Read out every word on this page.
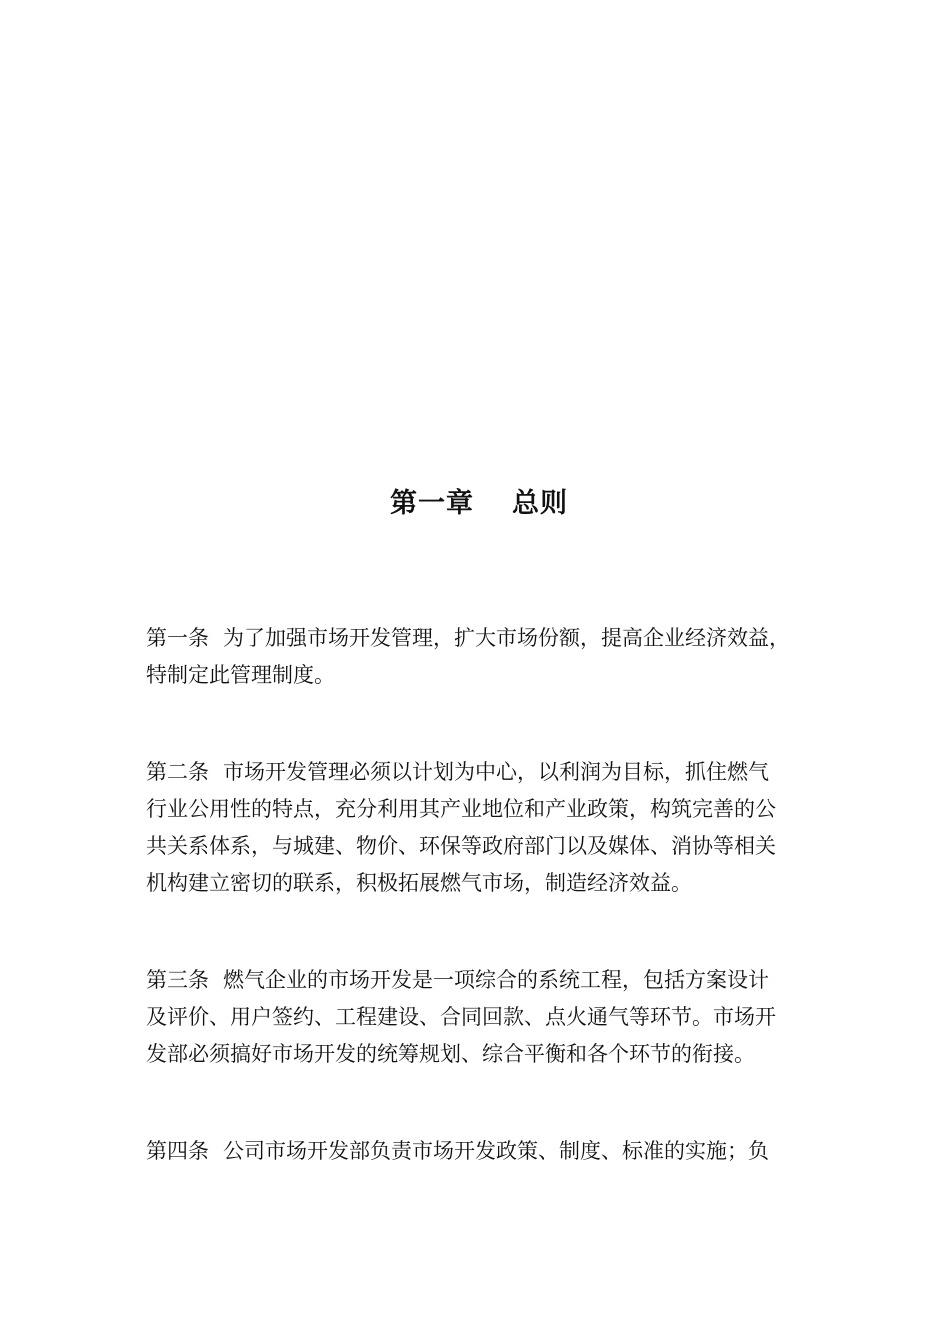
第一章 总则
第一条 为了加强市场开发管理，扩大市场份额，提高企业经济效益，
特制定此管理制度。
第二条 市场开发管理必须以计划为中心，以利润为目标，抓住燃气
行业公用性的特点，充分利用其产业地位和产业政策，构筑完善的公
共关系体系，与城建、物价、环保等政府部门以及媒体、消协等相关
机构建立密切的联系，积极拓展燃气市场，制造经济效益。
第三条 燃气企业的市场开发是一项综合的系统工程，包括方案设计
及评价、用户签约、工程建设、合同回款、点火通气等环节。市场开
发部必须搞好市场开发的统筹规划、综合平衡和各个环节的衔接。
第四条 公司市场开发部负责市场开发政策、制度、标准的实施；负
